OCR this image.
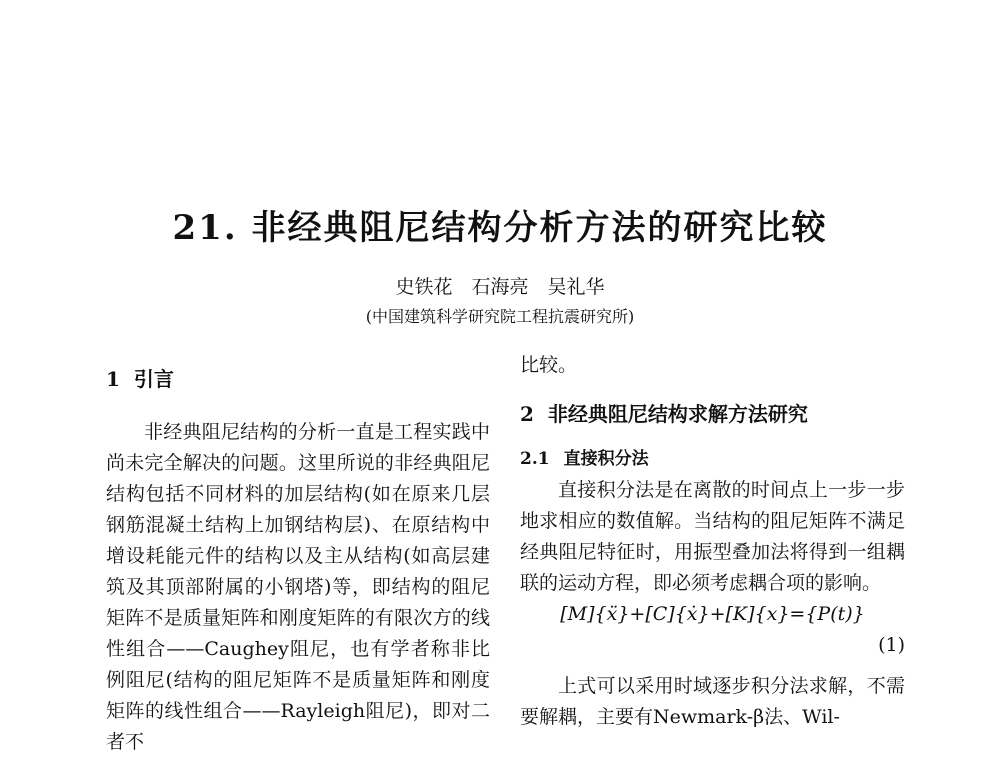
21. 非经典阻尼结构分析方法的研究比较
史铁花　石海亮　吴礼华
(中国建筑科学研究院工程抗震研究所)
1 引言

非经典阻尼结构的分析一直是工程实践中尚未完全解决的问题。这里所说的非经典阻尼结构包括不同材料的加层结构(如在原来几层钢筋混凝土结构上加钢结构层)、在原结构中增设耗能元件的结构以及主从结构(如高层建筑及其顶部附属的小钢塔)等，即结构的阻尼矩阵不是质量矩阵和刚度矩阵的有限次方的线性组合——Caughey阻尼，也有学者称非比例阻尼(结构的阻尼矩阵不是质量矩阵和刚度矩阵的线性组合——Rayleigh阻尼)，即对二者不

比较。

2 非经典阻尼结构求解方法研究
2.1 直接积分法

直接积分法是在离散的时间点上一步一步地求相应的数值解。当结构的阻尼矩阵不满足经典阻尼特征时，用振型叠加法将得到一组耦联的运动方程，即必须考虑耦合项的影响。

[M]{ẍ}+[C]{ẋ}+[K]{x}={P(t)}

(1)

上式可以采用时域逐步积分法求解，不需要解耦，主要有Newmark-β法、Wil-
